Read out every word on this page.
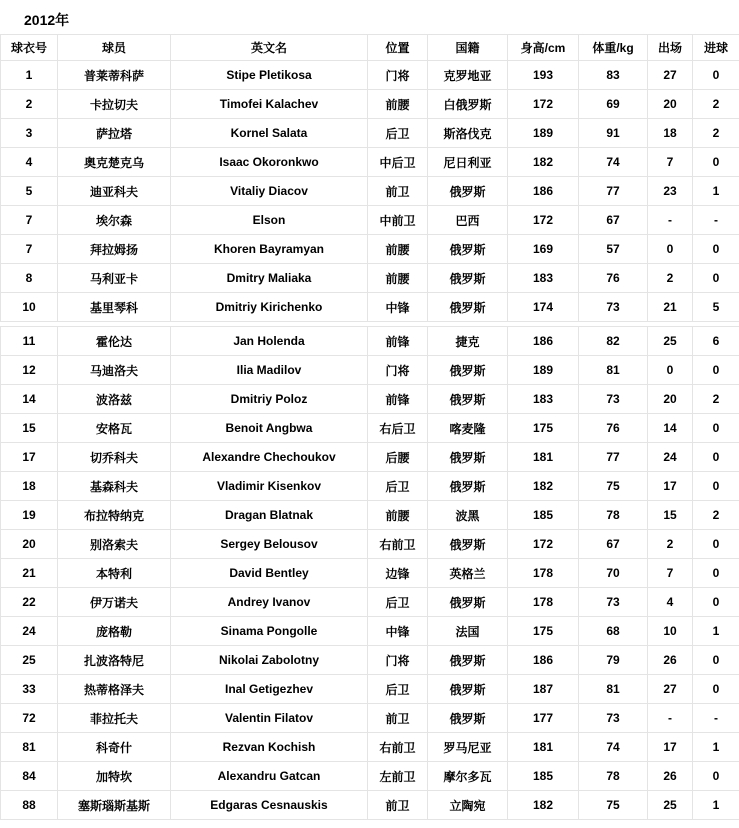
2012年
球衣号	球员	英文名	位置	国籍	身高/cm	体重/kg	出场	进球
1	普莱蒂科萨	Stipe Pletikosa	门将	克罗地亚	193	83	27	0
2	卡拉切夫	Timofei Kalachev	前腰	白俄罗斯	172	69	20	2
3	萨拉塔	Kornel Salata	后卫	斯洛伐克	189	91	18	2
4	奥克楚克乌	Isaac Okoronkwo	中后卫	尼日利亚	182	74	7	0
5	迪亚科夫	Vitaliy Diacov	前卫	俄罗斯	186	77	23	1
7	埃尔森	Elson	中前卫	巴西	172	67	-	-
7	拜拉姆扬	Khoren Bayramyan	前腰	俄罗斯	169	57	0	0
8	马利亚卡	Dmitry Maliaka	前腰	俄罗斯	183	76	2	0
10	基里琴科	Dmitriy Kirichenko	中锋	俄罗斯	174	73	21	5
11	霍伦达	Jan Holenda	前锋	捷克	186	82	25	6
12	马迪洛夫	Ilia Madilov	门将	俄罗斯	189	81	0	0
14	波洛兹	Dmitriy Poloz	前锋	俄罗斯	183	73	20	2
15	安格瓦	Benoit Angbwa	右后卫	喀麦隆	175	76	14	0
17	切乔科夫	Alexandre Chechoukov	后腰	俄罗斯	181	77	24	0
18	基森科夫	Vladimir Kisenkov	后卫	俄罗斯	182	75	17	0
19	布拉特纳克	Dragan Blatnak	前腰	波黑	185	78	15	2
20	别洛索夫	Sergey Belousov	右前卫	俄罗斯	172	67	2	0
21	本特利	David Bentley	边锋	英格兰	178	70	7	0
22	伊万诺夫	Andrey Ivanov	后卫	俄罗斯	178	73	4	0
24	庞格勒	Sinama Pongolle	中锋	法国	175	68	10	1
25	扎波洛特尼	Nikolai Zabolotny	门将	俄罗斯	186	79	26	0
33	热蒂格泽夫	Inal Getigezhev	后卫	俄罗斯	187	81	27	0
72	菲拉托夫	Valentin Filatov	前卫	俄罗斯	177	73	-	-
81	科奇什	Rezvan Kochish	右前卫	罗马尼亚	181	74	17	1
84	加特坎	Alexandru Gatcan	左前卫	摩尔多瓦	185	78	26	0
88	塞斯瑙斯基斯	Edgaras Cesnauskis	前卫	立陶宛	182	75	25	1
